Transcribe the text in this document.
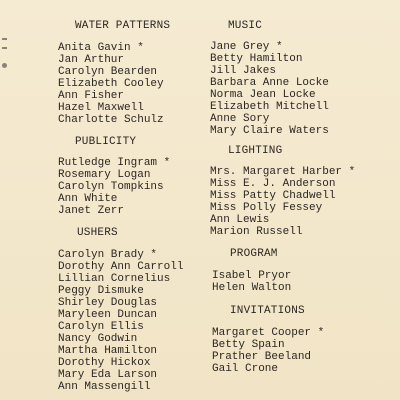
WATER PATTERNS
Anita Gavin *
Jan Arthur
Carolyn Bearden
Elizabeth Cooley
Ann Fisher
Hazel Maxwell
Charlotte Schulz
PUBLICITY
Rutledge Ingram *
Rosemary Logan
Carolyn Tompkins
Ann White
Janet Zerr
USHERS
Carolyn Brady *
Dorothy Ann Carroll
Lillian Cornelius
Peggy Dismuke
Shirley Douglas
Maryleen Duncan
Carolyn Ellis
Nancy Godwin
Martha Hamilton
Dorothy Hickox
Mary Eda Larson
Ann Massengill
MUSIC
Jane Grey *
Betty Hamilton
Jill Jakes
Barbara Anne Locke
Norma Jean Locke
Elizabeth Mitchell
Anne Sory
Mary Claire Waters
LIGHTING
Mrs. Margaret Harber *
Miss E. J. Anderson
Miss Patty Chadwell
Miss Polly Fessey
Ann Lewis
Marion Russell
PROGRAM
Isabel Pryor
Helen Walton
INVITATIONS
Margaret Cooper *
Betty Spain
Prather Beeland
Gail Crone
